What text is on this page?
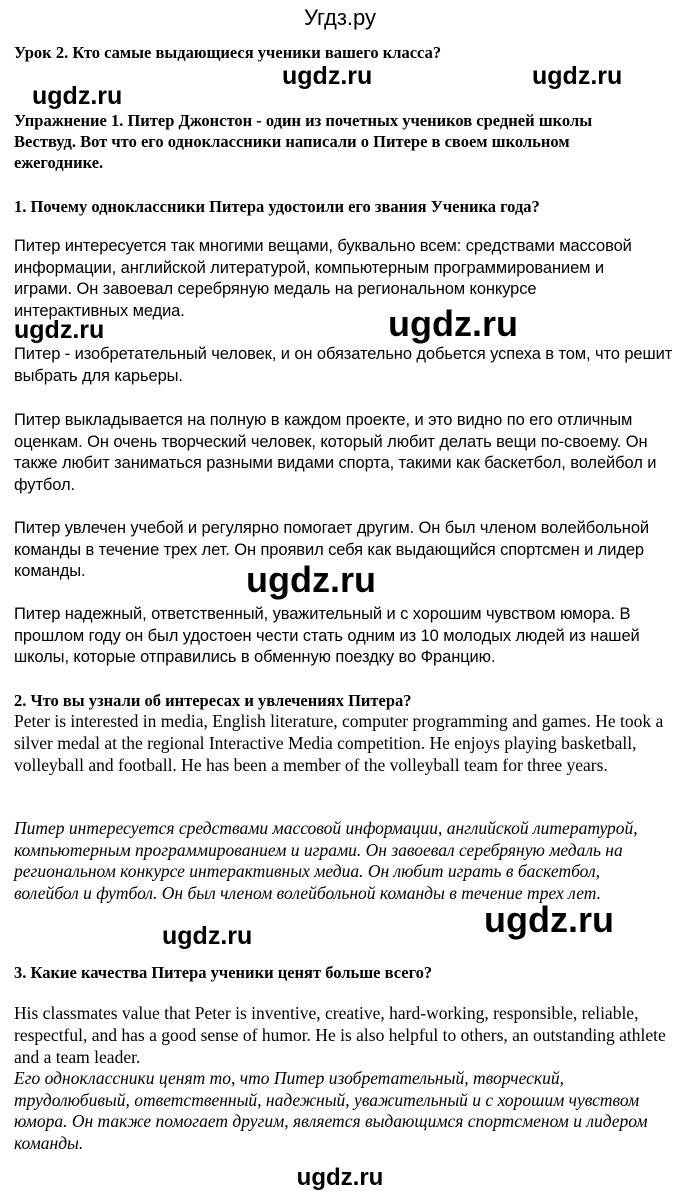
Угдз.ру
Урок 2. Кто самые выдающиеся ученики вашего класса?
Упражнение 1. Питер Джонстон - один из почетных учеников средней школы Вествуд. Вот что его одноклассники написали о Питере в своем школьном ежегоднике.
1. Почему одноклассники Питера удостоили его звания Ученика года?
Питер интересуется так многими вещами, буквально всем: средствами массовой информации, английской литературой, компьютерным программированием и играми. Он завоевал серебряную медаль на региональном конкурсе интерактивных медиа.
Питер - изобретательный человек, и он обязательно добьется успеха в том, что решит выбрать для карьеры.
Питер выкладывается на полную в каждом проекте, и это видно по его отличным оценкам. Он очень творческий человек, который любит делать вещи по-своему. Он также любит заниматься разными видами спорта, такими как баскетбол, волейбол и футбол.
Питер увлечен учебой и регулярно помогает другим. Он был членом волейбольной команды в течение трех лет. Он проявил себя как выдающийся спортсмен и лидер команды.
Питер надежный, ответственный, уважительный и с хорошим чувством юмора. В прошлом году он был удостоен чести стать одним из 10 молодых людей из нашей школы, которые отправились в обменную поездку во Францию.
2. Что вы узнали об интересах и увлечениях Питера?
Peter is interested in media, English literature, computer programming and games. He took a silver medal at the regional Interactive Media competition. He enjoys playing basketball, volleyball and football. He has been a member of the volleyball team for three years.
Питер интересуется средствами массовой информации, английской литературой, компьютерным программированием и играми. Он завоевал серебряную медаль на региональном конкурсе интерактивных медиа. Он любит играть в баскетбол, волейбол и футбол. Он был членом волейбольной команды в течение трех лет.
3. Какие качества Питера ученики ценят больше всего?
His classmates value that Peter is inventive, creative, hard-working, responsible, reliable, respectful, and has a good sense of humor. He is also helpful to others, an outstanding athlete and a team leader.
Его одноклассники ценят то, что Питер изобретательный, творческий, трудолюбивый, ответственный, надежный, уважительный и с хорошим чувством юмора. Он также помогает другим, является выдающимся спортсменом и лидером команды.
ugdz.ru	ugdz.ru
ugdz.ru
ugdz.ru	ugdz.ru
ugdz.ru
ugdz.ru
ugdz.ru
ugdz.ru
